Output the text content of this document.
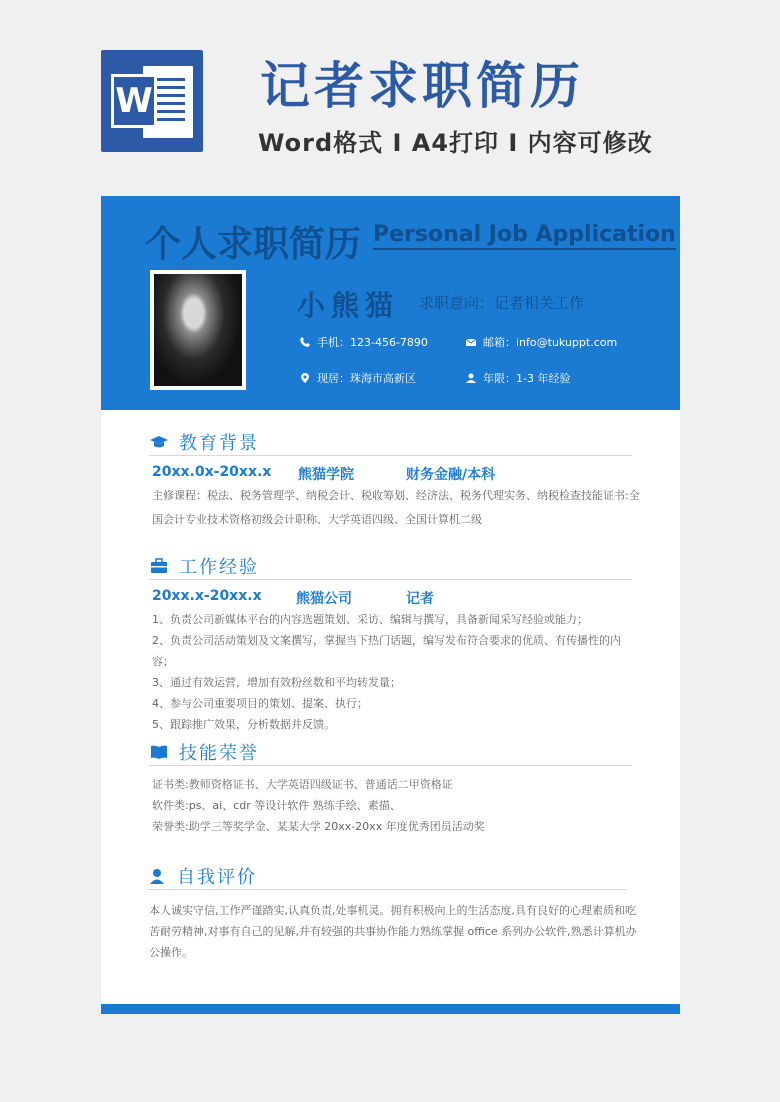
W 记者求职简历
Word格式 I A4打印 I 内容可修改
个人求职简历 Personal Job Application
小熊猫 求职意向：记者相关工作
手机：123-456-7890	邮箱：info@tukuppt.com
现居：珠海市高新区	年限：1-3 年经验
教育背景
20xx.0x-20xx.x 熊猫学院	财务金融/本科
主修课程：税法、税务管理学、纳税会计、税收筹划、经济法、税务代理实务、纳税检查技能证书:全
国会计专业技术资格初级会计职称、大学英语四级、全国计算机二级
工作经验
20xx.x-20xx.x 熊猫公司	记者
1、负责公司新媒体平台的内容选题策划、采访、编辑与撰写，具备新闻采写经验或能力；
2、负责公司活动策划及文案撰写，掌握当下热门话题，编写发布符合要求的优质、有传播性的内容；
3、通过有效运营，增加有效粉丝数和平均转发量；
4、参与公司重要项目的策划、提案、执行；
5、跟踪推广效果，分析数据并反馈。
技能荣誉
证书类:教师资格证书、大学英语四级证书、普通话二甲资格证
软件类:ps、ai、cdr 等设计软件 熟练手绘、素描、
荣誉类:助学三等奖学金、某某大学 20xx-20xx 年度优秀团员活动奖
自我评价
本人诚实守信,工作严谨踏实,认真负责,处事机灵。拥有积极向上的生活态度,具有良好的心理素质和吃
苦耐劳精神,对事有自己的见解,并有较强的共事协作能力熟练掌握 office 系列办公软件,熟悉计算机办
公操作。
